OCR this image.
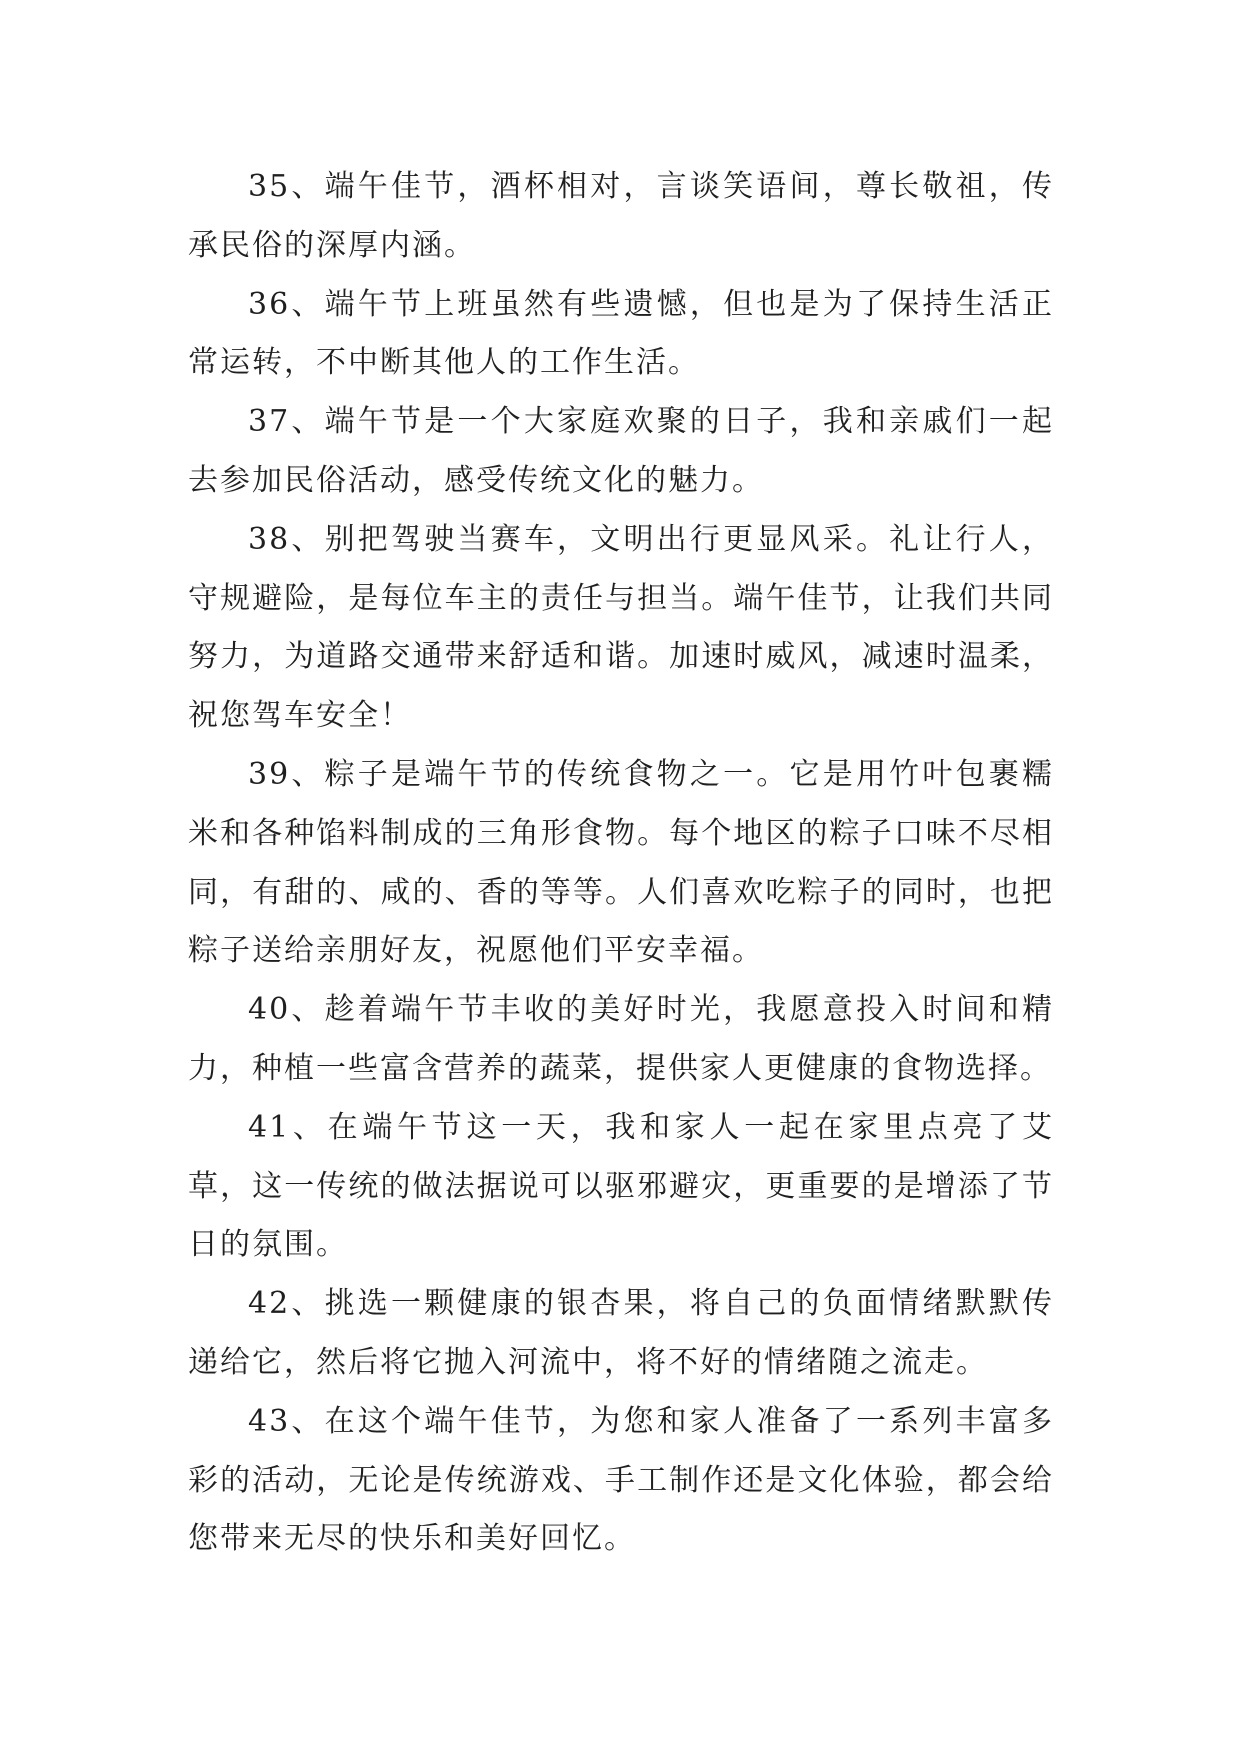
35、端午佳节，酒杯相对，言谈笑语间，尊长敬祖，传承民俗的深厚内涵。

36、端午节上班虽然有些遗憾，但也是为了保持生活正常运转，不中断其他人的工作生活。

37、端午节是一个大家庭欢聚的日子，我和亲戚们一起去参加民俗活动，感受传统文化的魅力。

38、别把驾驶当赛车，文明出行更显风采。礼让行人，守规避险，是每位车主的责任与担当。端午佳节，让我们共同努力，为道路交通带来舒适和谐。加速时威风，减速时温柔，祝您驾车安全！

39、粽子是端午节的传统食物之一。它是用竹叶包裹糯米和各种馅料制成的三角形食物。每个地区的粽子口味不尽相同，有甜的、咸的、香的等等。人们喜欢吃粽子的同时，也把粽子送给亲朋好友，祝愿他们平安幸福。

40、趁着端午节丰收的美好时光，我愿意投入时间和精力，种植一些富含营养的蔬菜，提供家人更健康的食物选择。

41、在端午节这一天，我和家人一起在家里点亮了艾草，这一传统的做法据说可以驱邪避灾，更重要的是增添了节日的氛围。

42、挑选一颗健康的银杏果，将自己的负面情绪默默传递给它，然后将它抛入河流中，将不好的情绪随之流走。

43、在这个端午佳节，为您和家人准备了一系列丰富多彩的活动，无论是传统游戏、手工制作还是文化体验，都会给您带来无尽的快乐和美好回忆。
